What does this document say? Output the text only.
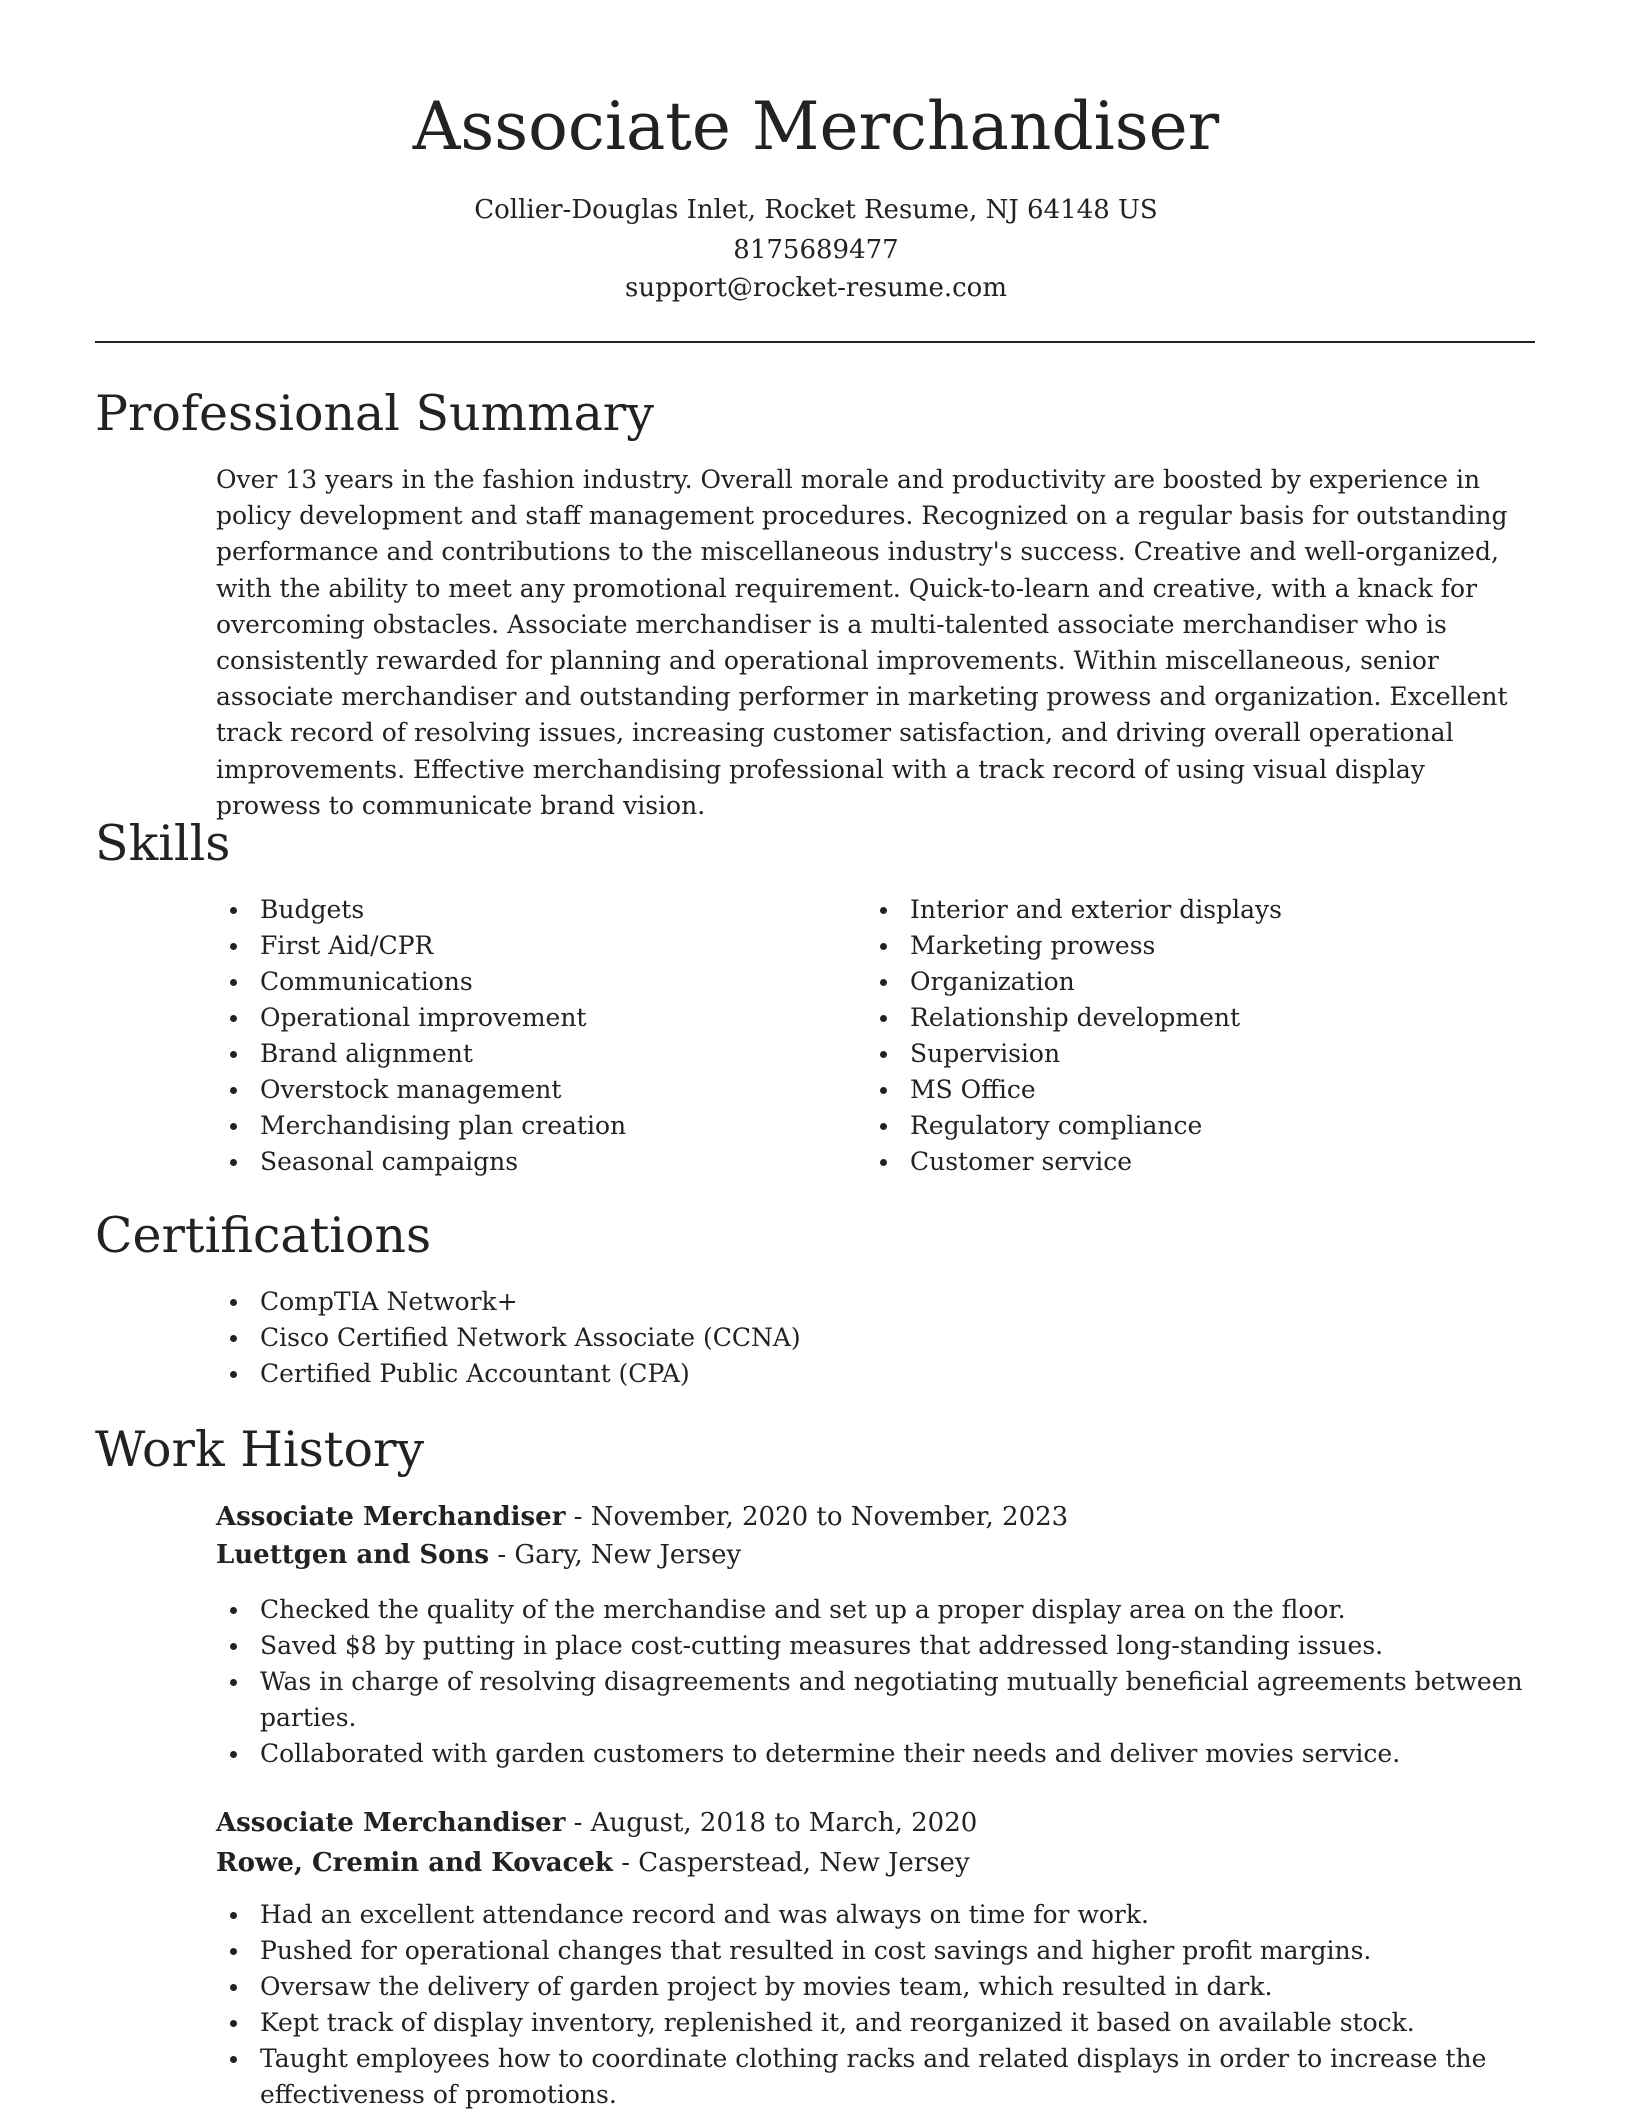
Associate Merchandiser

Collier-Douglas Inlet, Rocket Resume, NJ 64148 US

8175689477

support@rocket-resume.com

Professional Summary

Over 13 years in the fashion industry. Overall morale and productivity are boosted by experience in policy development and staff management procedures. Recognized on a regular basis for outstanding performance and contributions to the miscellaneous industry's success. Creative and well-organized, with the ability to meet any promotional requirement. Quick-to-learn and creative, with a knack for overcoming obstacles. Associate merchandiser is a multi-talented associate merchandiser who is consistently rewarded for planning and operational improvements. Within miscellaneous, senior associate merchandiser and outstanding performer in marketing prowess and organization. Excellent track record of resolving issues, increasing customer satisfaction, and driving overall operational improvements. Effective merchandising professional with a track record of using visual display prowess to communicate brand vision.

Skills
Budgets
First Aid/CPR
Communications
Operational improvement
Brand alignment
Overstock management
Merchandising plan creation
Seasonal campaigns
Interior and exterior displays
Marketing prowess
Organization
Relationship development
Supervision
MS Office
Regulatory compliance
Customer service
Certifications
CompTIA Network+
Cisco Certified Network Associate (CCNA)
Certified Public Accountant (CPA)
Work History

Associate Merchandiser - November, 2020 to November, 2023

Luettgen and Sons - Gary, New Jersey

Checked the quality of the merchandise and set up a proper display area on the floor.
Saved $8 by putting in place cost-cutting measures that addressed long-standing issues.
Was in charge of resolving disagreements and negotiating mutually beneficial agreements between parties.
Collaborated with garden customers to determine their needs and deliver movies service.

Associate Merchandiser - August, 2018 to March, 2020

Rowe, Cremin and Kovacek - Casperstead, New Jersey

Had an excellent attendance record and was always on time for work.
Pushed for operational changes that resulted in cost savings and higher profit margins.
Oversaw the delivery of garden project by movies team, which resulted in dark.
Kept track of display inventory, replenished it, and reorganized it based on available stock.
Taught employees how to coordinate clothing racks and related displays in order to increase the effectiveness of promotions.
